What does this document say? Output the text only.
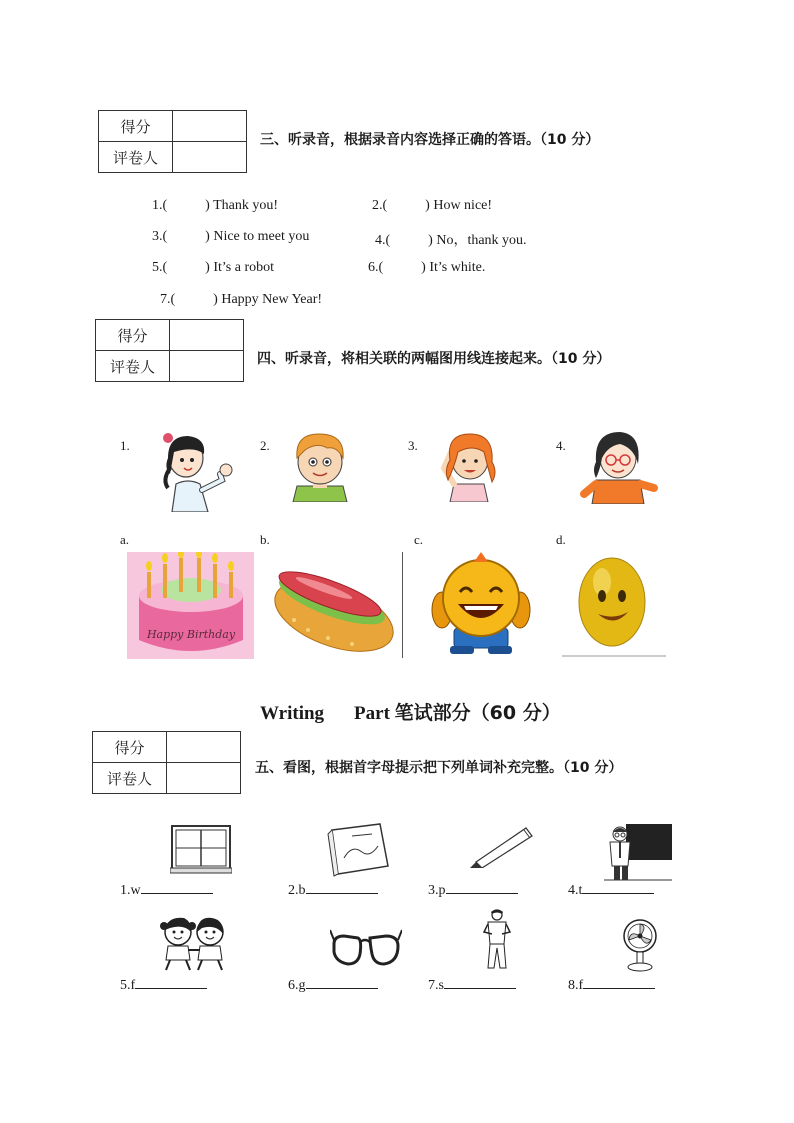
得分	
评卷人	
三、听录音，根据录音内容选择正确的答语。（10 分）
1.(	) Thank you!	2.(	) How nice!
3.(	) Nice to meet you	4.(	) No，thank you.
5.(	) It’s a robot	6.(	) It’s white.
7.(	) Happy New Year!
得分	
评卷人		四、听录音，将相关联的两幅图用线连接起来。（10 分）
1.	2.	3.	4.
a.
Happy Birthday
b.	c.	d.
Writing Part 笔试部分（60 分）
得分	
评卷人	
五、看图，根据首字母提示把下列单词补充完整。（10 分）
1.w	2.b	3.p	4.t
5.f	6.g	7.s	8.f
